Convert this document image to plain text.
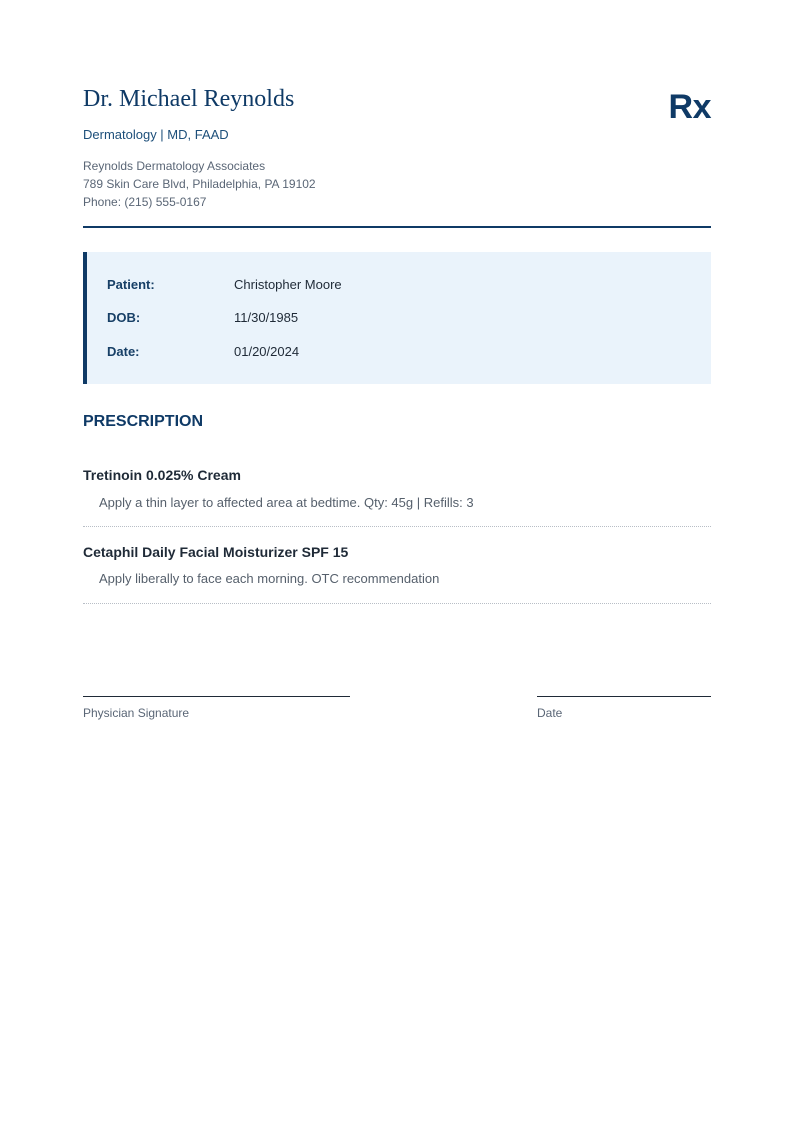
Dr. Michael Reynolds
Dermatology | MD, FAAD
Reynolds Dermatology Associates
789 Skin Care Blvd, Philadelphia, PA 19102
Phone: (215) 555-0167
Rx
Patient:	Christopher Moore
DOB:	11/30/1985
Date:	01/20/2024
PRESCRIPTION
Tretinoin 0.025% Cream
Apply a thin layer to affected area at bedtime. Qty: 45g | Refills: 3
Cetaphil Daily Facial Moisturizer SPF 15
Apply liberally to face each morning. OTC recommendation
Physician Signature	Date
